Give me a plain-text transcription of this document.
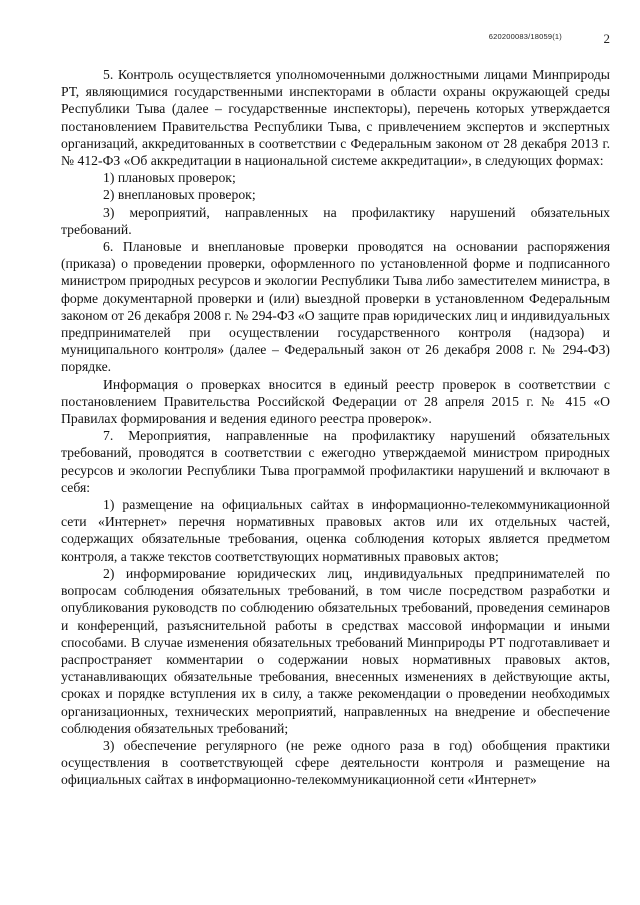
620200083/18059(1)	2

5. Контроль осуществляется уполномоченными должностными лицами Минприроды РТ, являющимися государственными инспекторами в области охраны окружающей среды Республики Тыва (далее – государственные инспекторы), перечень которых утверждается постановлением Правительства Республики Тыва, с привлечением экспертов и экспертных организаций, аккредитованных в соответствии с Федеральным законом от 28 декабря 2013 г. № 412-ФЗ «Об аккредитации в национальной системе аккредитации», в следующих формах:

1) плановых проверок;

2) внеплановых проверок;

3) мероприятий, направленных на профилактику нарушений обязательных требований.

6. Плановые и внеплановые проверки проводятся на основании распоряжения (приказа) о проведении проверки, оформленного по установленной форме и подписанного министром природных ресурсов и экологии Республики Тыва либо заместителем министра, в форме документарной проверки и (или) выездной проверки в установленном Федеральным законом от 26 декабря 2008 г. № 294-ФЗ «О защите прав юридических лиц и индивидуальных предпринимателей при осуществлении государственного контроля (надзора) и муниципального контроля» (далее – Федеральный закон от 26 декабря 2008 г. № 294-ФЗ) порядке.

Информация о проверках вносится в единый реестр проверок в соответствии с постановлением Правительства Российской Федерации от 28 апреля 2015 г. № 415 «О Правилах формирования и ведения единого реестра проверок».

7. Мероприятия, направленные на профилактику нарушений обязательных требований, проводятся в соответствии с ежегодно утверждаемой министром природных ресурсов и экологии Республики Тыва программой профилактики нарушений и включают в себя:

1) размещение на официальных сайтах в информационно-телекоммуникационной сети «Интернет» перечня нормативных правовых актов или их отдельных частей, содержащих обязательные требования, оценка соблюдения которых является предметом контроля, а также текстов соответствующих нормативных правовых актов;

2) информирование юридических лиц, индивидуальных предпринимателей по вопросам соблюдения обязательных требований, в том числе посредством разработки и опубликования руководств по соблюдению обязательных требований, проведения семинаров и конференций, разъяснительной работы в средствах массовой информации и иными способами. В случае изменения обязательных требований Минприроды РТ подготавливает и распространяет комментарии о содержании новых нормативных правовых актов, устанавливающих обязательные требования, внесенных изменениях в действующие акты, сроках и порядке вступления их в силу, а также рекомендации о проведении необходимых организационных, технических мероприятий, направленных на внедрение и обеспечение соблюдения обязательных требований;

3) обеспечение регулярного (не реже одного раза в год) обобщения практики осуществления в соответствующей сфере деятельности контроля и размещение на официальных сайтах в информационно-телекоммуникационной сети «Интернет»
